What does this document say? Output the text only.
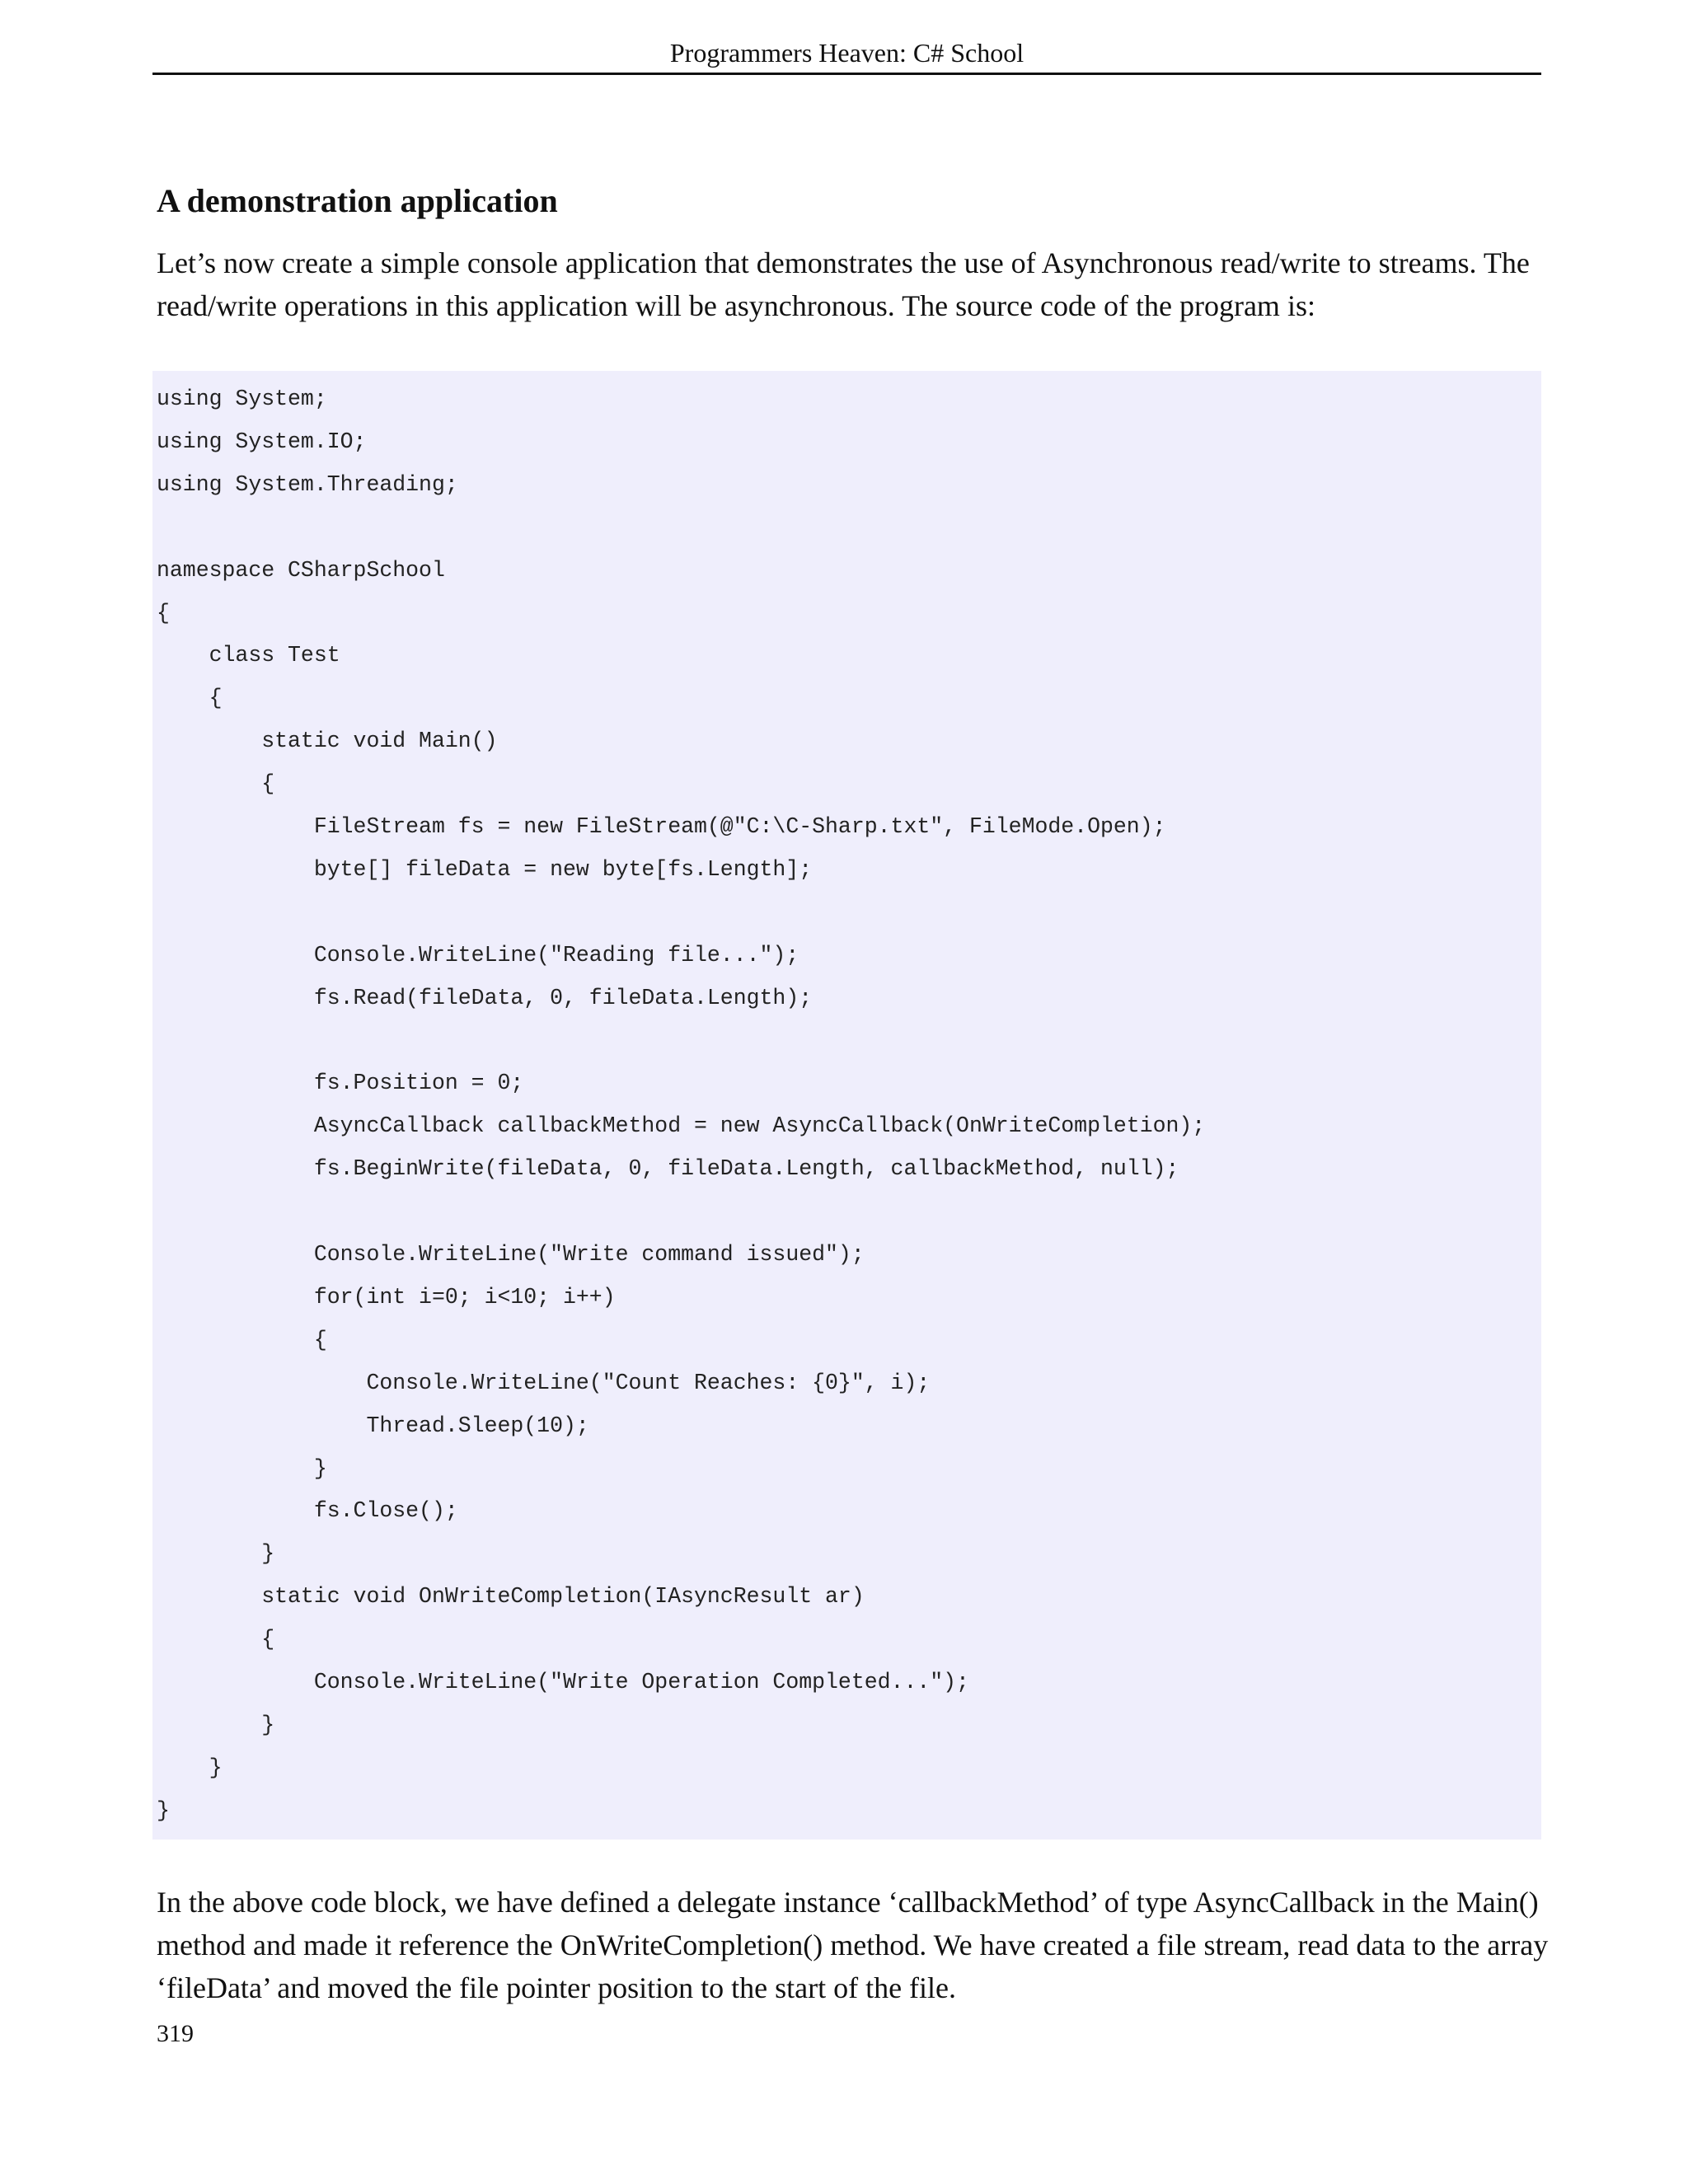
Programmers Heaven: C# School
A demonstration application

Let’s now create a simple console application that demonstrates the use of Asynchronous read/write to streams. The read/write operations in this application will be asynchronous. The source code of the program is:

using System;
using System.IO;
using System.Threading;
namespace CSharpSchool
{
class Test
{
static void Main()
{
FileStream fs = new FileStream(@"C:\C-Sharp.txt", FileMode.Open);
byte[] fileData = new byte[fs.Length];
Console.WriteLine("Reading file...");
fs.Read(fileData, 0, fileData.Length);
fs.Position = 0;
AsyncCallback callbackMethod = new AsyncCallback(OnWriteCompletion);
fs.BeginWrite(fileData, 0, fileData.Length, callbackMethod, null);
Console.WriteLine("Write command issued");
for(int i=0; i<10; i++)
{
Console.WriteLine("Count Reaches: {0}", i);
Thread.Sleep(10);
}
fs.Close();
}
static void OnWriteCompletion(IAsyncResult ar)
{
Console.WriteLine("Write Operation Completed...");
}
}
}

In the above code block, we have defined a delegate instance ‘callbackMethod’ of type AsyncCallback in the Main() method and made it reference the OnWriteCompletion() method. We have created a file stream, read data to the array ‘fileData’ and moved the file pointer position to the start of the file.

319
